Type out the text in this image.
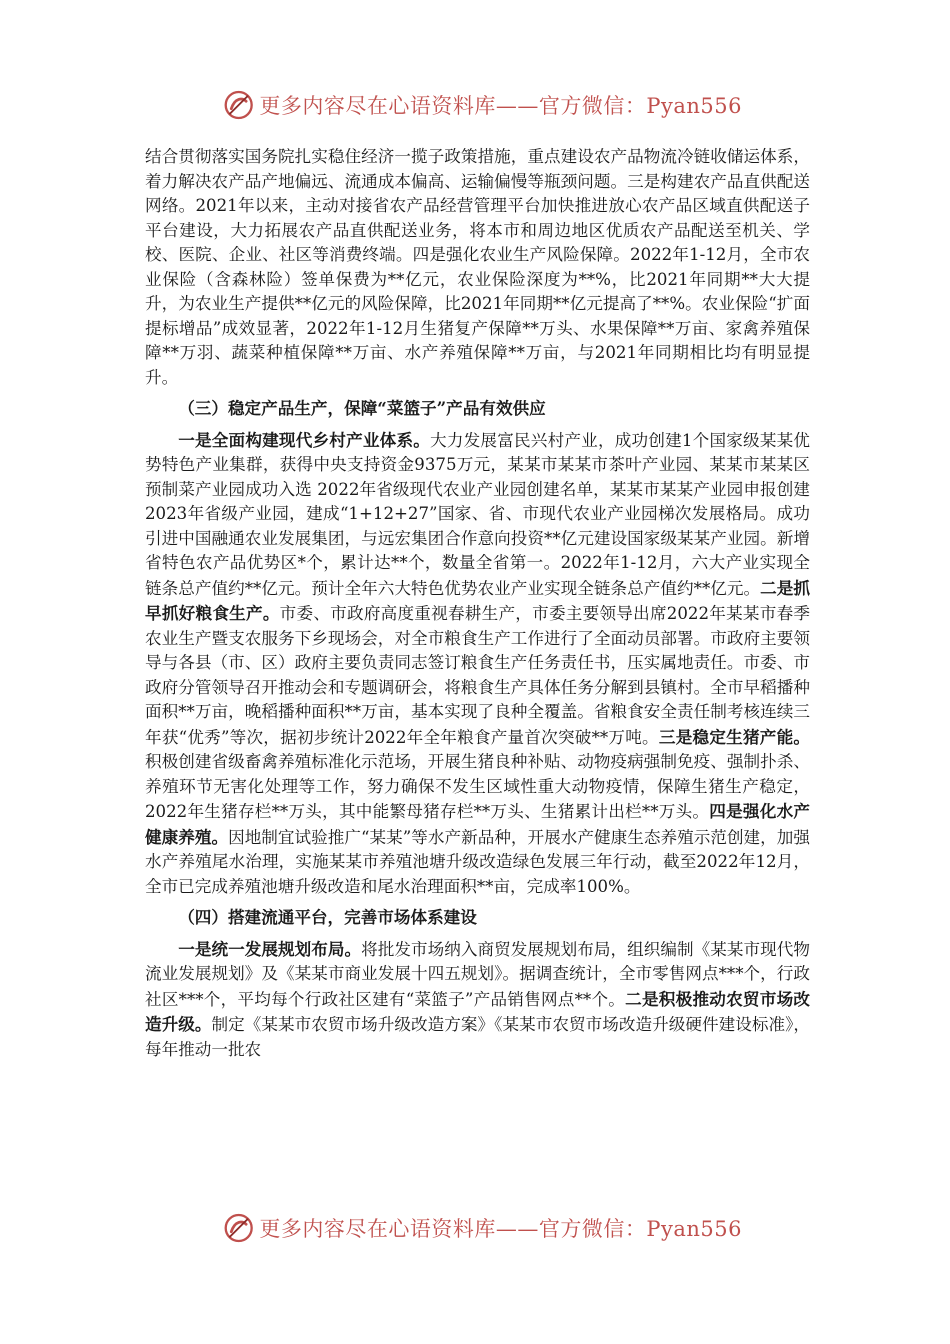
更多内容尽在心语资料库——官方微信：Pyan556

结合贯彻落实国务院扎实稳住经济一揽子政策措施，重点建设农产品物流冷链收储运体系，着力解决农产品产地偏远、流通成本偏高、运输偏慢等瓶颈问题。三是构建农产品直供配送网络。2021年以来，主动对接省农产品经营管理平台加快推进放心农产品区域直供配送子平台建设，大力拓展农产品直供配送业务，将本市和周边地区优质农产品配送至机关、学校、医院、企业、社区等消费终端。四是强化农业生产风险保障。2022年1-12月，全市农业保险（含森林险）签单保费为**亿元，农业保险深度为**%，比2021年同期**大大提升，为农业生产提供**亿元的风险保障，比2021年同期**亿元提高了**%。农业保险“扩面提标增品”成效显著，2022年1-12月生猪复产保障**万头、水果保障**万亩、家禽养殖保障**万羽、蔬菜种植保障**万亩、水产养殖保障**万亩，与2021年同期相比均有明显提升。

（三）稳定产品生产，保障“菜篮子”产品有效供应

一是全面构建现代乡村产业体系。大力发展富民兴村产业，成功创建1个国家级某某优势特色产业集群，获得中央支持资金9375万元，某某市某某市茶叶产业园、某某市某某区预制菜产业园成功入选 2022年省级现代农业产业园创建名单，某某市某某产业园申报创建2023年省级产业园，建成“1+12+27”国家、省、市现代农业产业园梯次发展格局。成功引进中国融通农业发展集团，与远宏集团合作意向投资**亿元建设国家级某某产业园。新增省特色农产品优势区*个，累计达**个，数量全省第一。2022年1-12月，六大产业实现全链条总产值约**亿元。预计全年六大特色优势农业产业实现全链条总产值约**亿元。二是抓早抓好粮食生产。市委、市政府高度重视春耕生产，市委主要领导出席2022年某某市春季农业生产暨支农服务下乡现场会，对全市粮食生产工作进行了全面动员部署。市政府主要领导与各县（市、区）政府主要负责同志签订粮食生产任务责任书，压实属地责任。市委、市政府分管领导召开推动会和专题调研会，将粮食生产具体任务分解到县镇村。全市早稻播种面积**万亩，晚稻播种面积**万亩，基本实现了良种全覆盖。省粮食安全责任制考核连续三年获“优秀”等次，据初步统计2022年全年粮食产量首次突破**万吨。三是稳定生猪产能。积极创建省级畜禽养殖标准化示范场，开展生猪良种补贴、动物疫病强制免疫、强制扑杀、养殖环节无害化处理等工作，努力确保不发生区域性重大动物疫情，保障生猪生产稳定，2022年生猪存栏**万头，其中能繁母猪存栏**万头、生猪累计出栏**万头。四是强化水产健康养殖。因地制宜试验推广“某某”等水产新品种，开展水产健康生态养殖示范创建，加强水产养殖尾水治理，实施某某市养殖池塘升级改造绿色发展三年行动，截至2022年12月，全市已完成养殖池塘升级改造和尾水治理面积**亩，完成率100%。

（四）搭建流通平台，完善市场体系建设

一是统一发展规划布局。将批发市场纳入商贸发展规划布局，组织编制《某某市现代物流业发展规划》及《某某市商业发展十四五规划》。据调查统计，全市零售网点***个，行政社区***个，平均每个行政社区建有“菜篮子”产品销售网点**个。二是积极推动农贸市场改造升级。制定《某某市农贸市场升级改造方案》《某某市农贸市场改造升级硬件建设标准》，每年推动一批农

更多内容尽在心语资料库——官方微信：Pyan556
